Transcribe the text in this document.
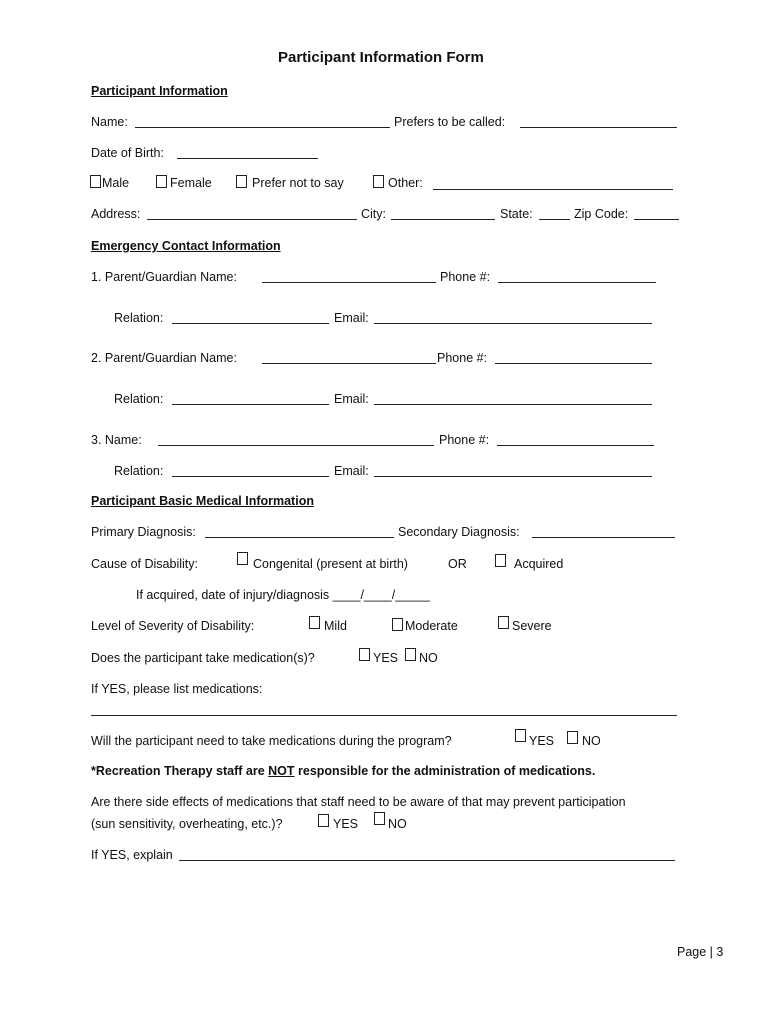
Participant Information Form
Participant Information
Name:	Prefers to be called:
Date of Birth:
Male	Female	Prefer not to say	Other:
Address:	City:	State:	Zip Code:
Emergency Contact Information
1. Parent/Guardian Name:	Phone #:
Relation:	Email:
2. Parent/Guardian Name:	Phone #:
Relation:	Email:
3. Name:	Phone #:
Relation:	Email:
Participant Basic Medical Information
Primary Diagnosis:	Secondary Diagnosis:
Cause of Disability:	Congenital (present at birth)	OR	Acquired
If acquired, date of injury/diagnosis ____/____/_____
Level of Severity of Disability:	Mild	Moderate	Severe
Does the participant take medication(s)?	YES NO
If YES, please list medications:
Will the participant need to take medications during the program?	YES NO
*Recreation Therapy staff are NOT responsible for the administration of medications.
Are there side effects of medications that staff need to be aware of that may prevent participation
(sun sensitivity, overheating, etc.)?	YES NO
If YES, explain
Page | 3
